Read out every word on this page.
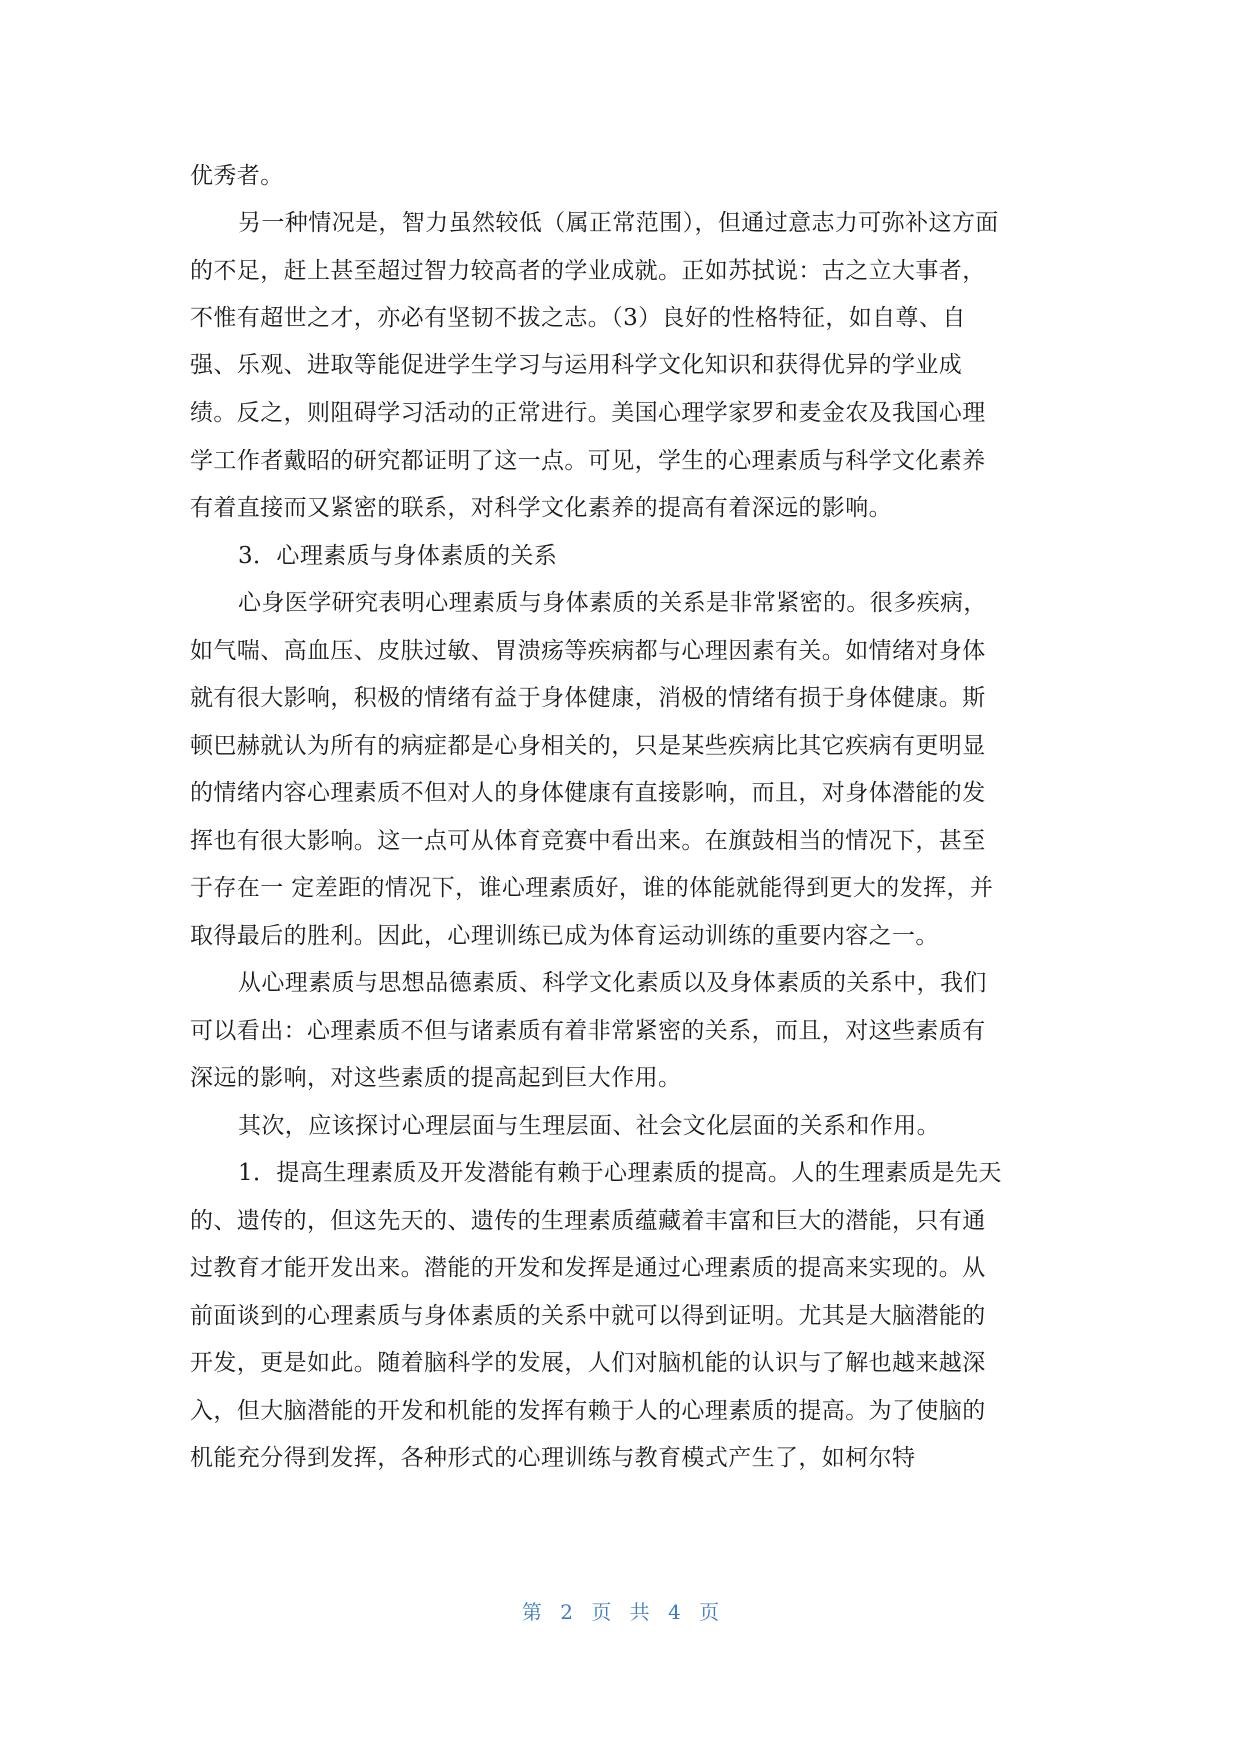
优秀者。
另一种情况是，智力虽然较低（属正常范围），但通过意志力可弥补这方面
的不足，赶上甚至超过智力较高者的学业成就。正如苏拭说：古之立大事者，
不惟有超世之才，亦必有坚韧不拔之志。（3）良好的性格特征，如自尊、自
强、乐观、进取等能促进学生学习与运用科学文化知识和获得优异的学业成
绩。反之，则阻碍学习活动的正常进行。美国心理学家罗和麦金农及我国心理
学工作者戴昭的研究都证明了这一点。可见，学生的心理素质与科学文化素养
有着直接而又紧密的联系，对科学文化素养的提高有着深远的影响。
3．心理素质与身体素质的关系
心身医学研究表明心理素质与身体素质的关系是非常紧密的。很多疾病，
如气喘、高血压、皮肤过敏、胃溃疡等疾病都与心理因素有关。如情绪对身体
就有很大影响，积极的情绪有益于身体健康，消极的情绪有损于身体健康。斯
顿巴赫就认为所有的病症都是心身相关的，只是某些疾病比其它疾病有更明显
的情绪内容心理素质不但对人的身体健康有直接影响，而且，对身体潜能的发
挥也有很大影响。这一点可从体育竞赛中看出来。在旗鼓相当的情况下，甚至
于存在一 定差距的情况下，谁心理素质好，谁的体能就能得到更大的发挥，并
取得最后的胜利。因此，心理训练已成为体育运动训练的重要内容之一。
从心理素质与思想品德素质、科学文化素质以及身体素质的关系中，我们
可以看出：心理素质不但与诸素质有着非常紧密的关系，而且，对这些素质有
深远的影响，对这些素质的提高起到巨大作用。
其次，应该探讨心理层面与生理层面、社会文化层面的关系和作用。
1．提高生理素质及开发潜能有赖于心理素质的提高。人的生理素质是先天
的、遗传的，但这先天的、遗传的生理素质蕴藏着丰富和巨大的潜能，只有通
过教育才能开发出来。潜能的开发和发挥是通过心理素质的提高来实现的。从
前面谈到的心理素质与身体素质的关系中就可以得到证明。尤其是大脑潜能的
开发，更是如此。随着脑科学的发展，人们对脑机能的认识与了解也越来越深
入，但大脑潜能的开发和机能的发挥有赖于人的心理素质的提高。为了使脑的
机能充分得到发挥，各种形式的心理训练与教育模式产生了，如柯尔特
第 2 页 共 4 页
